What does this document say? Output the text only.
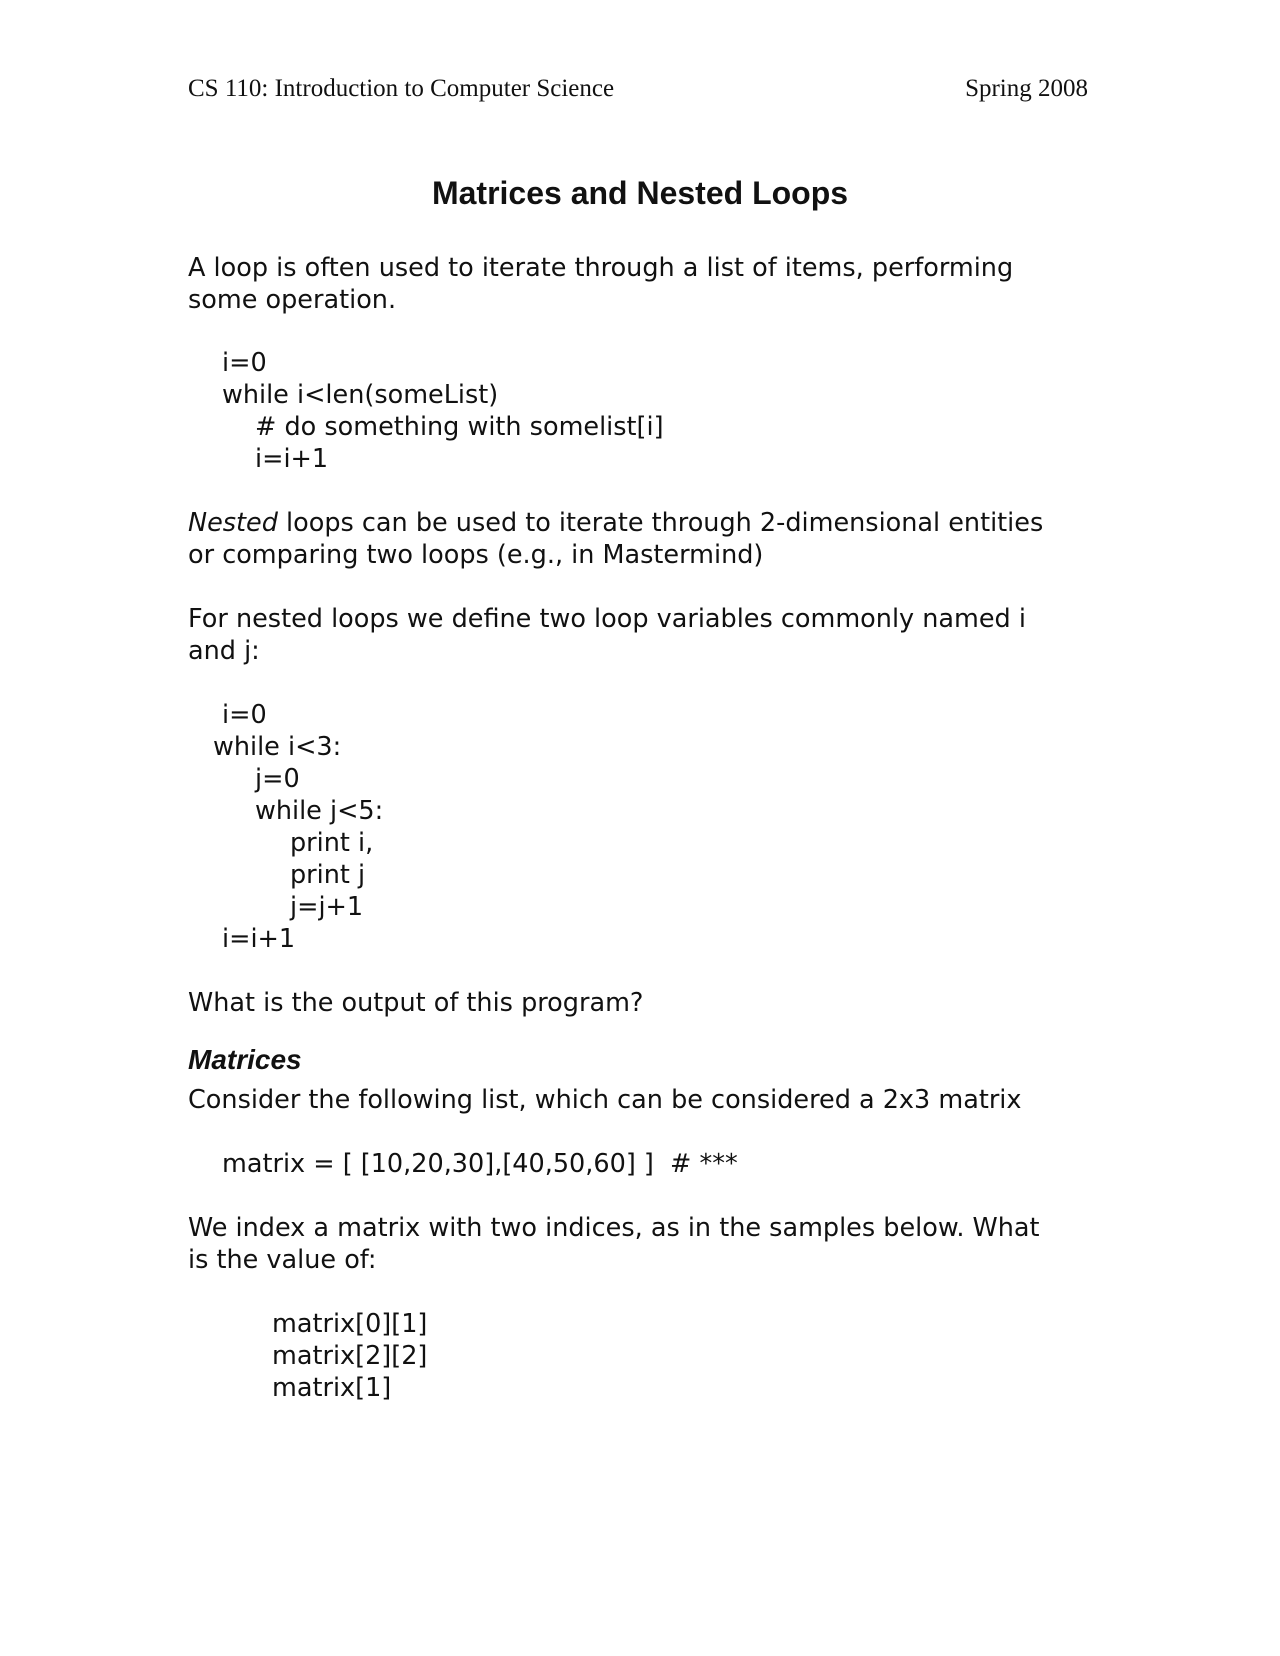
CS 110: Introduction to Computer Science	Spring 2008
Matrices and Nested Loops

A loop is often used to iterate through a list of items, performing

some operation.

i=0

while i<len(someList)

# do something with somelist[i]

i=i+1

Nested loops can be used to iterate through 2-dimensional entities

or comparing two loops (e.g., in Mastermind)

For nested loops we define two loop variables commonly named i

and j:

i=0

while i<3:

j=0

while j<5:

print i,

print j

j=j+1

i=i+1

What is the output of this program?

Matrices

Consider the following list, which can be considered a 2x3 matrix

matrix = [ [10,20,30],[40,50,60] ]  # ***

We index a matrix with two indices, as in the samples below. What

is the value of:

matrix[0][1]

matrix[2][2]

matrix[1]
